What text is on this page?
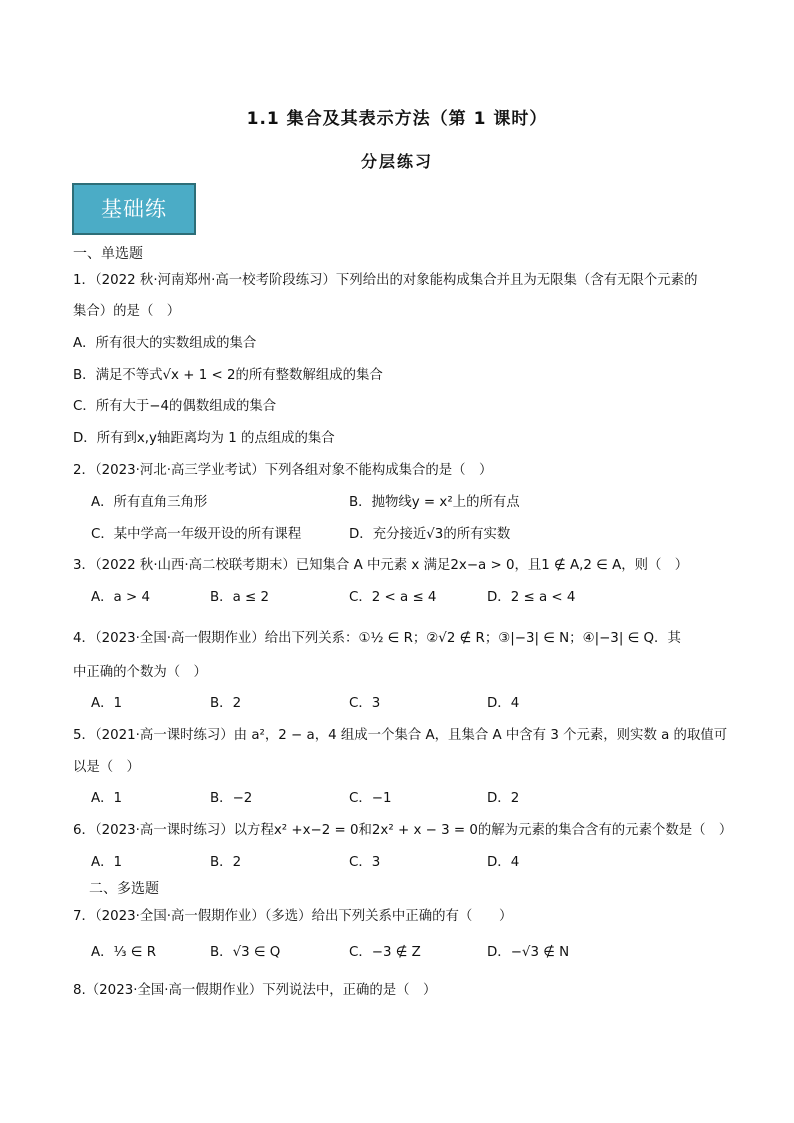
1.1 集合及其表示方法（第 1 课时）
分层练习
基础练
一、单选题
1．（2022 秋·河南郑州·高一校考阶段练习）下列给出的对象能构成集合并且为无限集（含有无限个元素的
集合）的是（　）
A．所有很大的实数组成的集合
B．满足不等式√x + 1 < 2的所有整数解组成的集合
C．所有大于−4的偶数组成的集合
D．所有到x,y轴距离均为 1 的点组成的集合
2．（2023·河北·高三学业考试）下列各组对象不能构成集合的是（　）
A．所有直角三角形	B．抛物线y = x²上的所有点
C．某中学高一年级开设的所有课程	D．充分接近√3的所有实数
3．（2022 秋·山西·高二校联考期末）已知集合 A 中元素 x 满足2x−a > 0，且1 ∉ A,2 ∈ A，则（　）
A．a > 4	B．a ≤ 2	C．2 < a ≤ 4	D．2 ≤ a < 4
4．（2023·全国·高一假期作业）给出下列关系：①½ ∈ R；②√2 ∉ R；③|−3| ∈ N；④|−3| ∈ Q．其
中正确的个数为（　）
A．1	B．2	C．3	D．4
5．（2021·高一课时练习）由 a²，2 − a，4 组成一个集合 A，且集合 A 中含有 3 个元素，则实数 a 的取值可
以是（　）
A．1	B．−2	C．−1	D．2
6．（2023·高一课时练习）以方程x² +x−2 = 0和2x² + x − 3 = 0的解为元素的集合含有的元素个数是（　）
A．1	B．2	C．3	D．4
二、多选题
7．（2023·全国·高一假期作业）（多选）给出下列关系中正确的有（　　）
A．⅓ ∈ R	B．√3 ∈ Q	C．−3 ∉ Z	D．−√3 ∉ N
8.（2023·全国·高一假期作业）下列说法中，正确的是（　）
